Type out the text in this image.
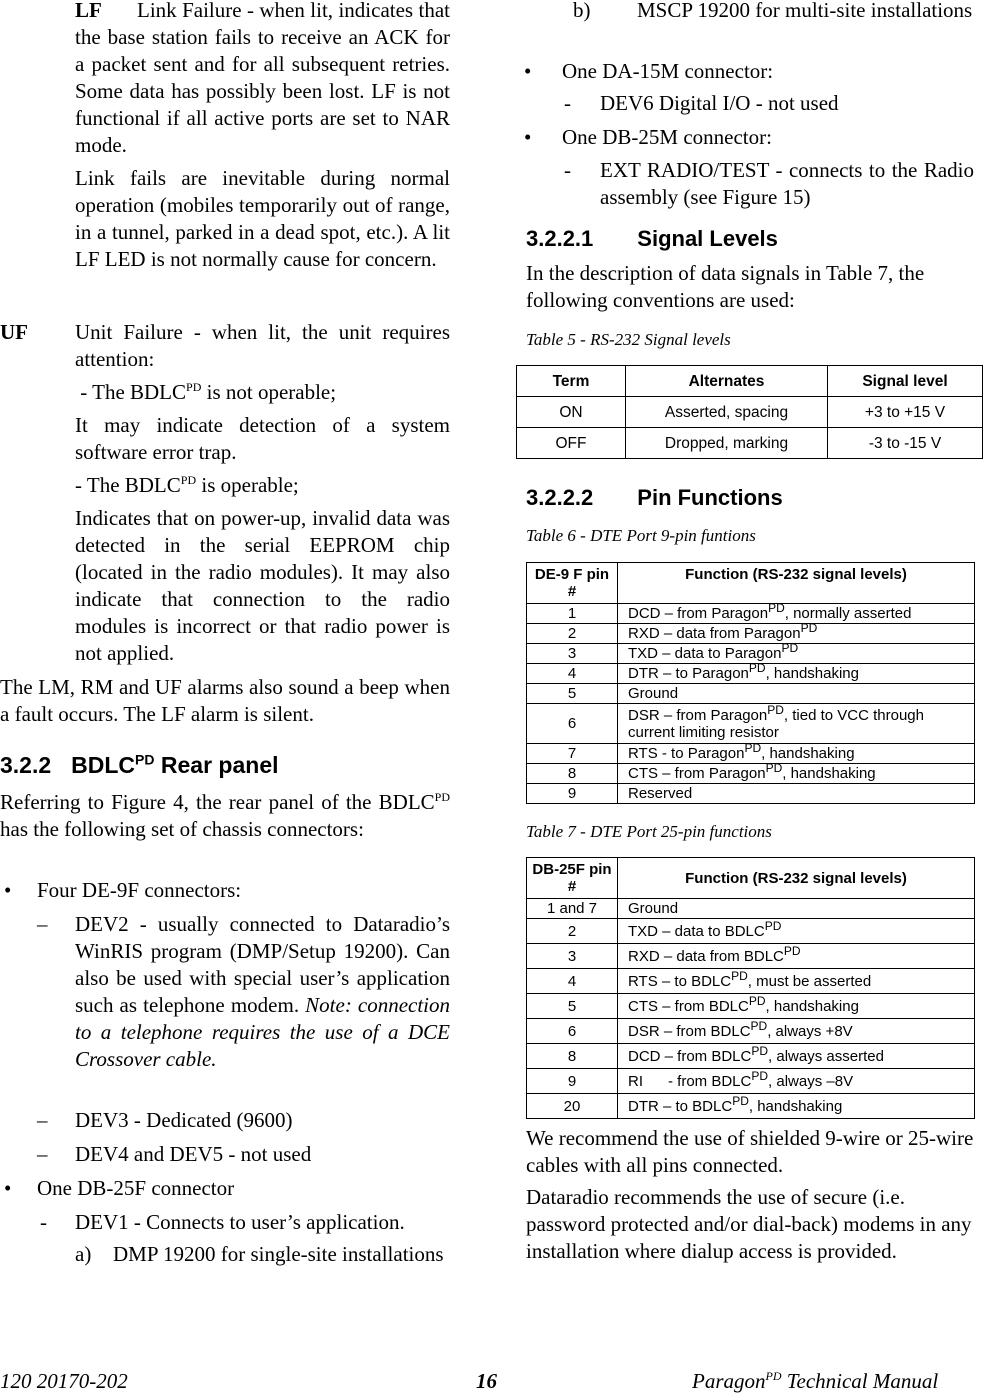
LF Link Failure - when lit, indicates that the base station fails to receive an ACK for a packet sent and for all subsequent retries. Some data has possibly been lost. LF is not functional if all active ports are set to NAR mode.

Link fails are inevitable during normal operation (mobiles temporarily out of range, in a tunnel, parked in a dead spot, etc.). A lit LF LED is not normally cause for concern.

UF Unit Failure - when lit, the unit requires attention:

- The $BDLC^{PD}$ is not operable;

It may indicate detection of a system software error trap.

- The $BDLC^{PD}$ is operable;

Indicates that on power-up, invalid data was detected in the serial EEPROM chip (located in the radio modules). It may also indicate that connection to the radio modules is incorrect or that radio power is not applied.

The LM, RM and UF alarms also sound a beep when a fault occurs. The LF alarm is silent.

3.2.2 $BDLC^{PD}$ Rear panel

Referring to Figure 4, the rear panel of the $BDLC^{PD}$ has the following set of chassis connectors:

• Four DE-9F connectors:

– DEV2 - usually connected to Dataradio’s WinRIS program (DMP/Setup 19200). Can also be used with special user’s application such as telephone modem. Note: connection to a telephone requires the use of a DCE Crossover cable.

– DEV3 - Dedicated (9600)

– DEV4 and DEV5 - not used

• One DB-25F connector

- DEV1 - Connects to user’s application.

a) DMP 19200 for single-site installations

b) MSCP 19200 for multi-site installations

• One DA-15M connector:

- DEV6 Digital I/O - not used

• One DB-25M connector:

- EXT RADIO/TEST - connects to the Radio assembly (see Figure 15)

3.2.2.1 Signal Levels

In the description of data signals in Table 7, the following conventions are used:

Table 5 - RS-232 Signal levels

Term	Alternates	Signal level
ON	Asserted, spacing	+3 to +15 V
OFF	Dropped, marking	-3 to -15 V
3.2.2.2 Pin Functions

Table 6 - DTE Port 9-pin funtions

DE-9 F pin #	Function (RS-232 signal levels)
1	DCD – from Paragon$^{PD}$, normally asserted
2	RXD – data from Paragon$^{PD}$
3	TXD – data to Paragon$^{PD}$
4	DTR – to Paragon$^{PD}$, handshaking
5	Ground
6	DSR – from Paragon$^{PD}$, tied to VCC through current limiting resistor
7	RTS - to Paragon$^{PD}$, handshaking
8	CTS – from Paragon$^{PD}$, handshaking
9	Reserved

Table 7 - DTE Port 25-pin functions

DB-25F pin #	Function (RS-232 signal levels)
1 and 7	Ground
2	TXD – data to $BDLC^{PD}$
3	RXD – data from $BDLC^{PD}$
4	RTS – to $BDLC^{PD}$, must be asserted
5	CTS – from $BDLC^{PD}$, handshaking
6	DSR – from $BDLC^{PD}$, always +8V
8	DCD – from $BDLC^{PD}$, always asserted
9	RI      - from $BDLC^{PD}$, always –8V
20	DTR – to $BDLC^{PD}$, handshaking

We recommend the use of shielded 9-wire or 25-wire cables with all pins connected.

Dataradio recommends the use of secure (i.e. password protected and/or dial-back) modems in any installation where dialup access is provided.

120 20170-202	16	Paragon$^{PD}$ Technical Manual
